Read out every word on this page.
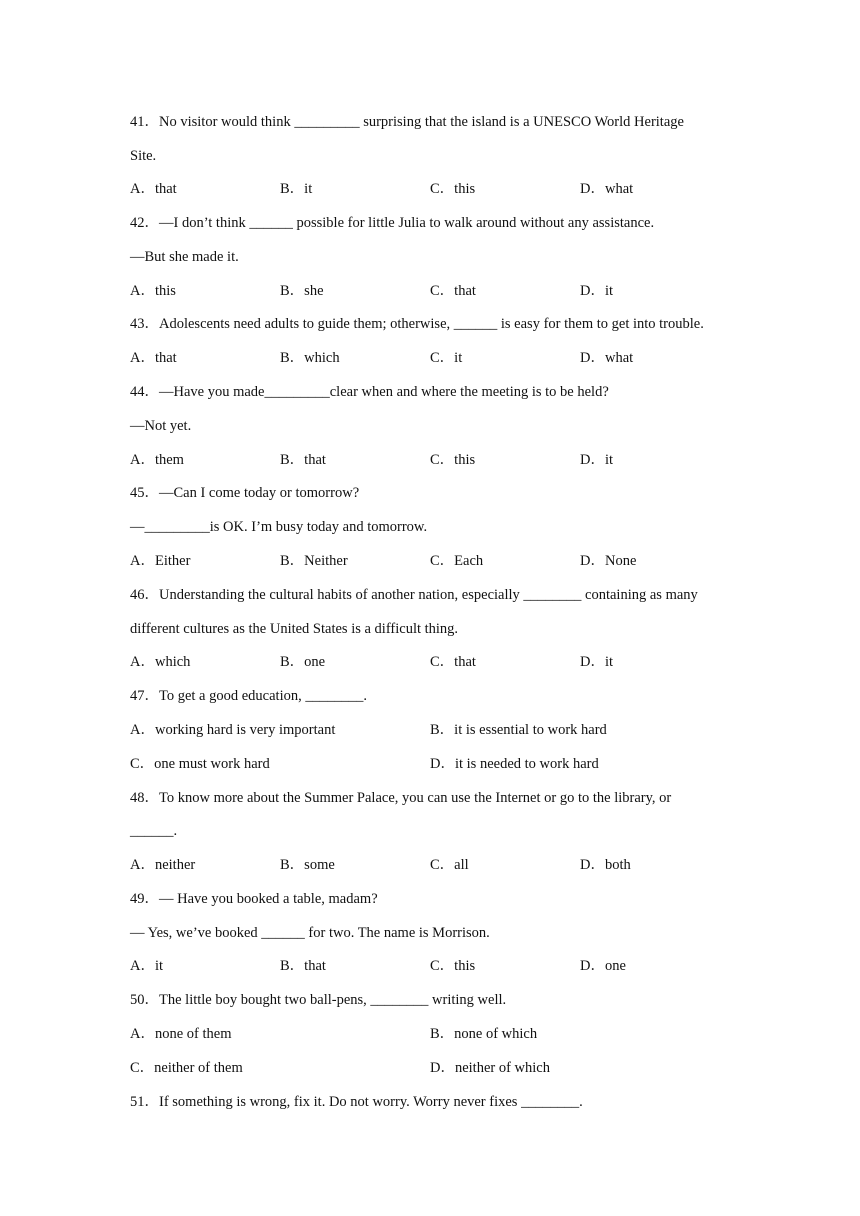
41．No visitor would think _________ surprising that the island is a UNESCO World Heritage
Site.
A．that	B．it	C．this	D．what
42．—I don’t think ______ possible for little Julia to walk around without any assistance.
—But she made it.
A．this	B．she	C．that	D．it
43．Adolescents need adults to guide them; otherwise, ______ is easy for them to get into trouble.
A．that	B．which	C．it	D．what
44．—Have you made_________clear when and where the meeting is to be held?
—Not yet.
A．them	B．that	C．this	D．it
45．—Can I come today or tomorrow?
—_________is OK. I’m busy today and tomorrow.
A．Either	B．Neither	C．Each	D．None
46．Understanding the cultural habits of another nation, especially ________ containing as many
different cultures as the United States is a difficult thing.
A．which	B．one	C．that	D．it
47．To get a good education, ________.
A．working hard is very important	B．it is essential to work hard
C．one must work hard	D．it is needed to work hard
48．To know more about the Summer Palace, you can use the Internet or go to the library, or
______.
A．neither	B．some	C．all	D．both
49．— Have you booked a table, madam?
— Yes, we’ve booked ______ for two. The name is Morrison.
A．it	B．that	C．this	D．one
50．The little boy bought two ball-pens, ________ writing well.
A．none of them	B．none of which
C．neither of them	D．neither of which
51．If something is wrong, fix it. Do not worry. Worry never fixes ________.
